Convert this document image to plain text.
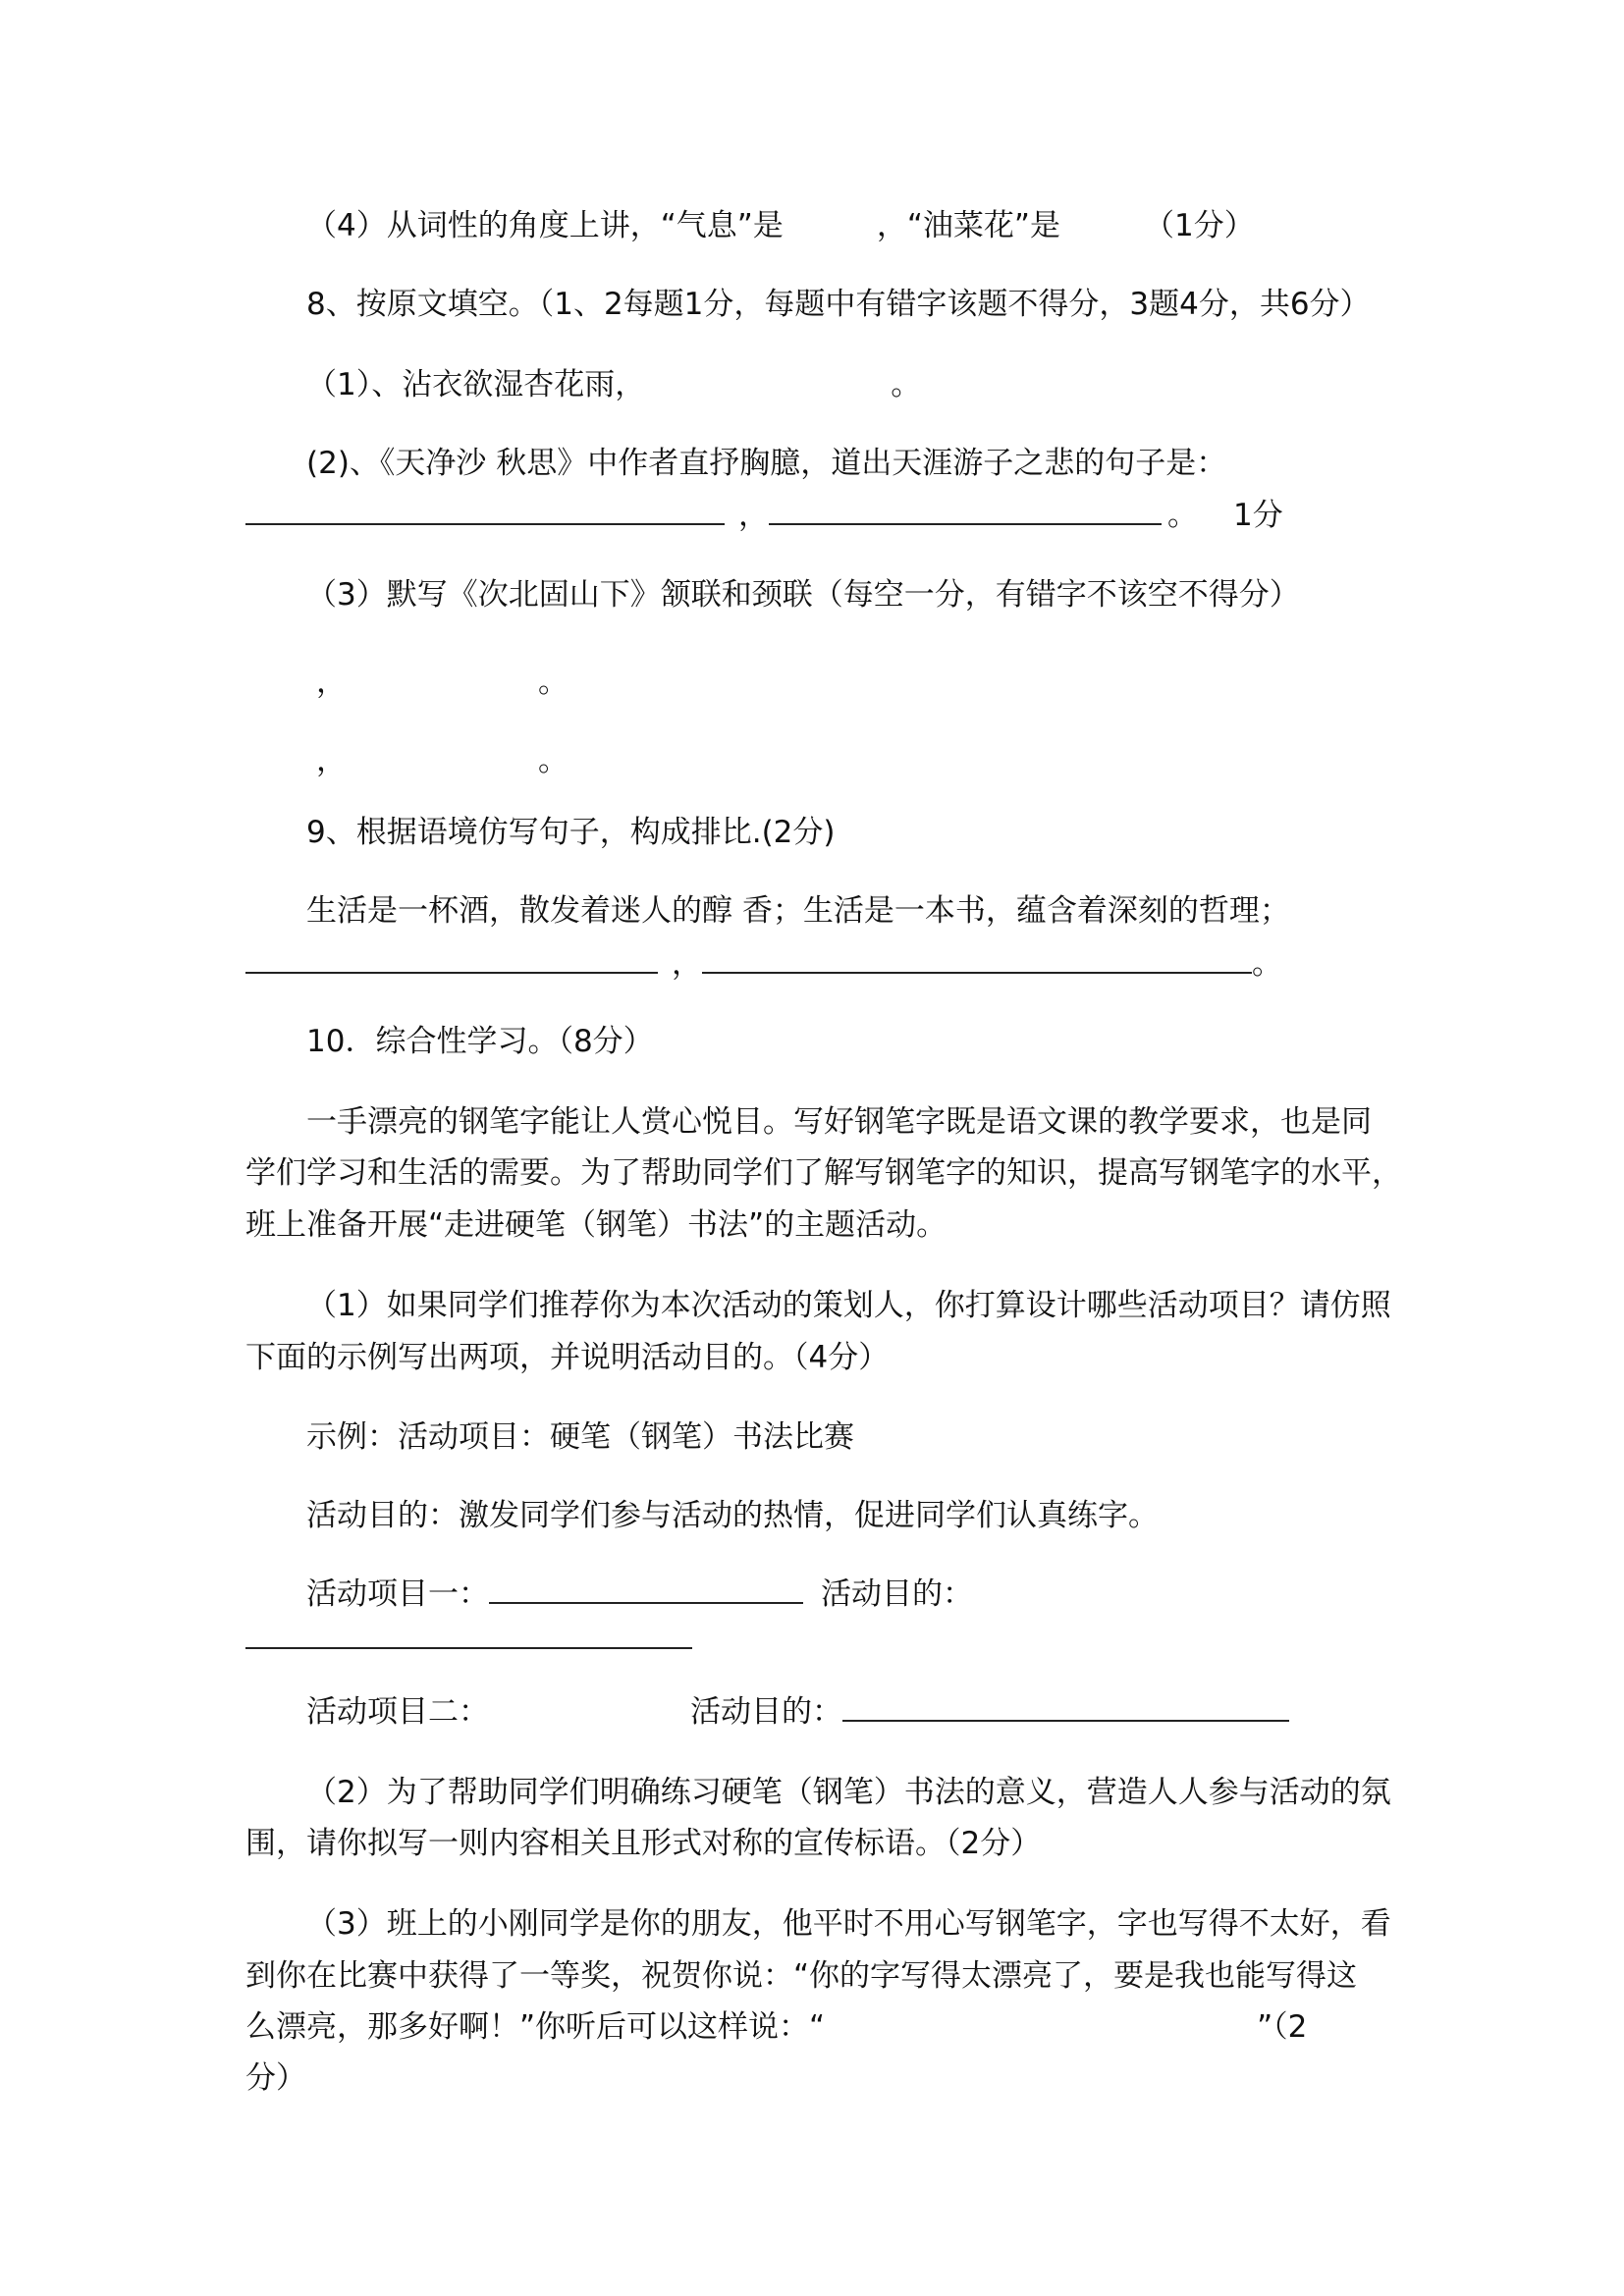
（4）从词性的角度上讲，“气息”是	，“油菜花”是	（1分）
8、按原文填空。（1、2每题1分，每题中有错字该题不得分，3题4分，共6分）
（1）、沾衣欲湿杏花雨，	。
(2)、《天净沙 秋思》中作者直抒胸臆，道出天涯游子之悲的句子是：
，	。 1分
（3）默写《次北固山下》颔联和颈联（每空一分，有错字不该空不得分）
，	。
，	。
9、根据语境仿写句子，构成排比.(2分)
生活是一杯酒，散发着迷人的醇 香；生活是一本书，蕴含着深刻的哲理；
，	。
10．综合性学习。（8分）
一手漂亮的钢笔字能让人赏心悦目。写好钢笔字既是语文课的教学要求，也是同
学们学习和生活的需要。为了帮助同学们了解写钢笔字的知识，提高写钢笔字的水平，
班上准备开展“走进硬笔（钢笔）书法”的主题活动。
（1）如果同学们推荐你为本次活动的策划人，你打算设计哪些活动项目？请仿照
下面的示例写出两项，并说明活动目的。（4分）
示例：活动项目：硬笔（钢笔）书法比赛
活动目的：激发同学们参与活动的热情，促进同学们认真练字。
活动项目一：	活动目的：
活动项目二：	活动目的：
（2）为了帮助同学们明确练习硬笔（钢笔）书法的意义，营造人人参与活动的氛
围，请你拟写一则内容相关且形式对称的宣传标语。（2分）
（3）班上的小刚同学是你的朋友，他平时不用心写钢笔字，字也写得不太好，看
到你在比赛中获得了一等奖，祝贺你说：“你的字写得太漂亮了，要是我也能写得这
么漂亮，那多好啊！”你听后可以这样说：“	”（2
分）
